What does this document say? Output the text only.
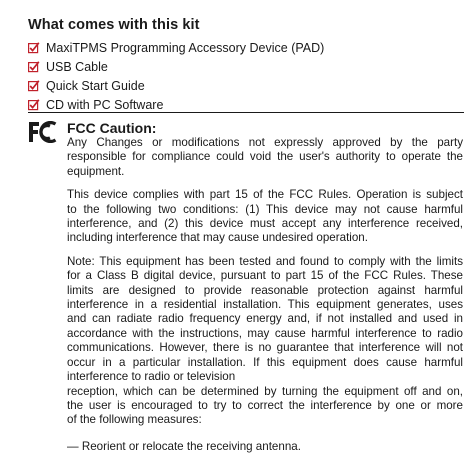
What comes with this kit
MaxiTPMS Programming Accessory Device (PAD)
USB Cable
Quick Start Guide
CD with PC Software
FCC Caution:

Any Changes or modifications not expressly approved by the party
responsible for compliance could void the user's authority to operate the
equipment.

This device complies with part 15 of the FCC Rules. Operation is subject
to the following two conditions: (1) This device may not cause harmful
interference, and (2) this device must accept any interference received,
including interference that may cause undesired operation.

Note: This equipment has been tested and found to comply with the limits
for a Class B digital device, pursuant to part 15 of the FCC Rules. These
limits are designed to provide reasonable protection against harmful
interference in a residential installation. This equipment generates, uses
and can radiate radio frequency energy and, if not installed and used in
accordance with the instructions, may cause harmful interference to radio
communications. However, there is no guarantee that interference will not
occur in a particular installation. If this equipment does cause harmful
interference to radio or television
reception, which can be determined by turning the equipment off and on,
the user is encouraged to try to correct the interference by one or more
of the following measures:

— Reorient or relocate the receiving antenna.
